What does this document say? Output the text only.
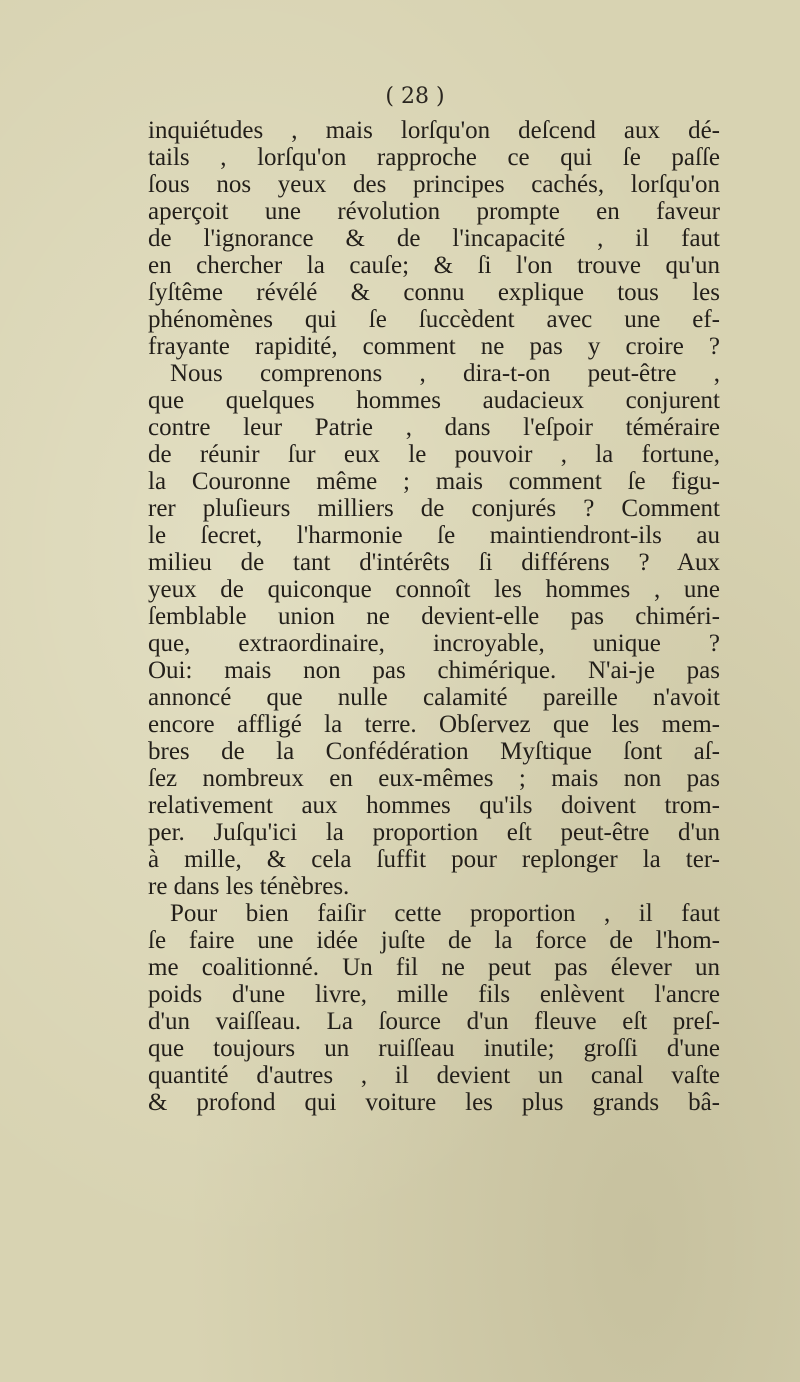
( 28 )
inquiétudes , mais lorſqu'on deſcend aux dé-
tails , lorſqu'on rapproche ce qui ſe paſſe
ſous nos yeux des principes cachés, lorſqu'on
aperçoit une révolution prompte en faveur
de l'ignorance & de l'incapacité , il faut
en chercher la cauſe; & ſi l'on trouve qu'un
ſyſtême révélé & connu explique tous les
phénomènes qui ſe ſuccèdent avec une ef-
frayante rapidité, comment ne pas y croire ?
Nous comprenons , dira-t-on peut-être ,
que quelques hommes audacieux conjurent
contre leur Patrie , dans l'eſpoir téméraire
de réunir ſur eux le pouvoir , la fortune,
la Couronne même ; mais comment ſe figu-
rer pluſieurs milliers de conjurés ? Comment
le ſecret, l'harmonie ſe maintiendront-ils au
milieu de tant d'intérêts ſi différens ? Aux
yeux de quiconque connoît les hommes , une
ſemblable union ne devient-elle pas chiméri-
que, extraordinaire, incroyable, unique ?
Oui: mais non pas chimérique. N'ai-je pas
annoncé que nulle calamité pareille n'avoit
encore affligé la terre. Obſervez que les mem-
bres de la Confédération Myſtique ſont aſ-
ſez nombreux en eux-mêmes ; mais non pas
relativement aux hommes qu'ils doivent trom-
per. Juſqu'ici la proportion eſt peut-être d'un
à mille, & cela ſuffit pour replonger la ter-
re dans les ténèbres.
Pour bien faiſir cette proportion , il faut
ſe faire une idée juſte de la force de l'hom-
me coalitionné. Un fil ne peut pas élever un
poids d'une livre, mille fils enlèvent l'ancre
d'un vaiſſeau. La ſource d'un fleuve eſt preſ-
que toujours un ruiſſeau inutile; groſſi d'une
quantité d'autres , il devient un canal vaſte
& profond qui voiture les plus grands bâ-
